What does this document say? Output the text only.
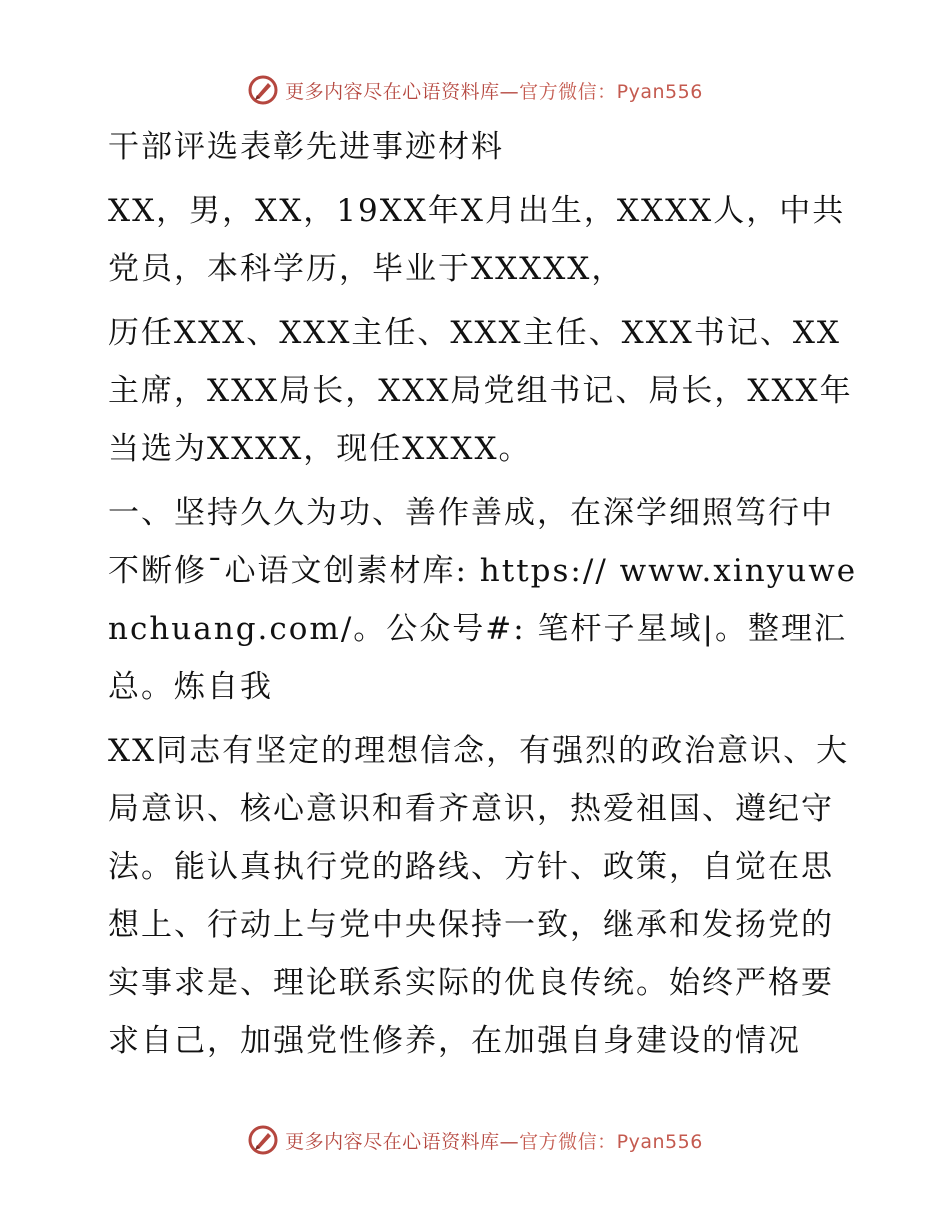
更多内容尽在心语资料库—官方微信：Pyan556
干部评选表彰先进事迹材料

XX，男，XX，19XX年X月出生，XXXX人，中共党员，本科学历，毕业于XXXXX，

历任XXX、XXX主任、XXX主任、XXX书记、XX主席，XXX局长，XXX局党组书记、局长，XXX年当选为XXXX，现任XXXX。

一、坚持久久为功、善作善成，在深学细照笃行中不断修¯心语文创素材库: https:// www.xinyuwenchuang.com/。公众号#: 笔杆子星域|。整理汇总。炼自我

XX同志有坚定的理想信念，有强烈的政治意识、大局意识、核心意识和看齐意识，热爱祖国、遵纪守法。能认真执行党的路线、方针、政策，自觉在思想上、行动上与党中央保持一致，继承和发扬党的实事求是、理论联系实际的优良传统。始终严格要求自己，加强党性修养，在加强自身建设的情况

更多内容尽在心语资料库—官方微信：Pyan556
